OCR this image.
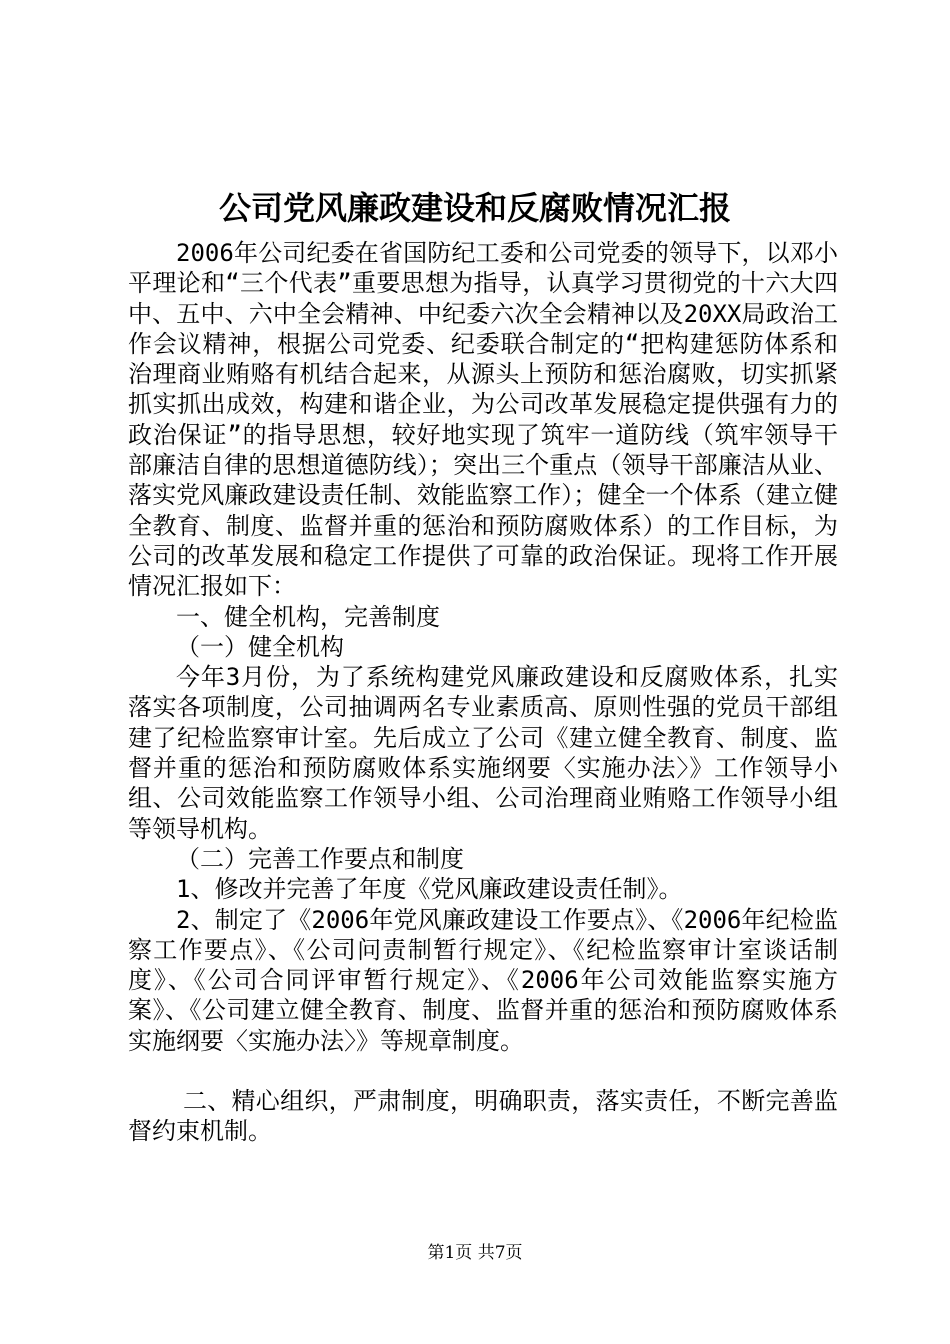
公司党风廉政建设和反腐败情况汇报

2006年公司纪委在省国防纪工委和公司党委的领导下，以邓小平理论和“三个代表”重要思想为指导，认真学习贯彻党的十六大四中、五中、六中全会精神、中纪委六次全会精神以及20XX局政治工作会议精神，根据公司党委、纪委联合制定的“把构建惩防体系和治理商业贿赂有机结合起来，从源头上预防和惩治腐败，切实抓紧抓实抓出成效，构建和谐企业，为公司改革发展稳定提供强有力的政治保证”的指导思想，较好地实现了筑牢一道防线（筑牢领导干部廉洁自律的思想道德防线）；突出三个重点（领导干部廉洁从业、落实党风廉政建设责任制、效能监察工作）；健全一个体系（建立健全教育、制度、监督并重的惩治和预防腐败体系）的工作目标，为公司的改革发展和稳定工作提供了可靠的政治保证。现将工作开展情况汇报如下：

一、健全机构，完善制度

（一）健全机构

今年3月份，为了系统构建党风廉政建设和反腐败体系，扎实落实各项制度，公司抽调两名专业素质高、原则性强的党员干部组建了纪检监察审计室。先后成立了公司《建立健全教育、制度、监督并重的惩治和预防腐败体系实施纲要〈实施办法〉》工作领导小组、公司效能监察工作领导小组、公司治理商业贿赂工作领导小组等领导机构。

（二）完善工作要点和制度

1、修改并完善了年度《党风廉政建设责任制》。

2、制定了《2006年党风廉政建设工作要点》、《2006年纪检监察工作要点》、《公司问责制暂行规定》、《纪检监察审计室谈话制度》、《公司合同评审暂行规定》、《2006年公司效能监察实施方案》、《公司建立健全教育、制度、监督并重的惩治和预防腐败体系实施纲要〈实施办法〉》等规章制度。

二、精心组织，严肃制度，明确职责，落实责任，不断完善监督约束机制。

第1页 共7页
